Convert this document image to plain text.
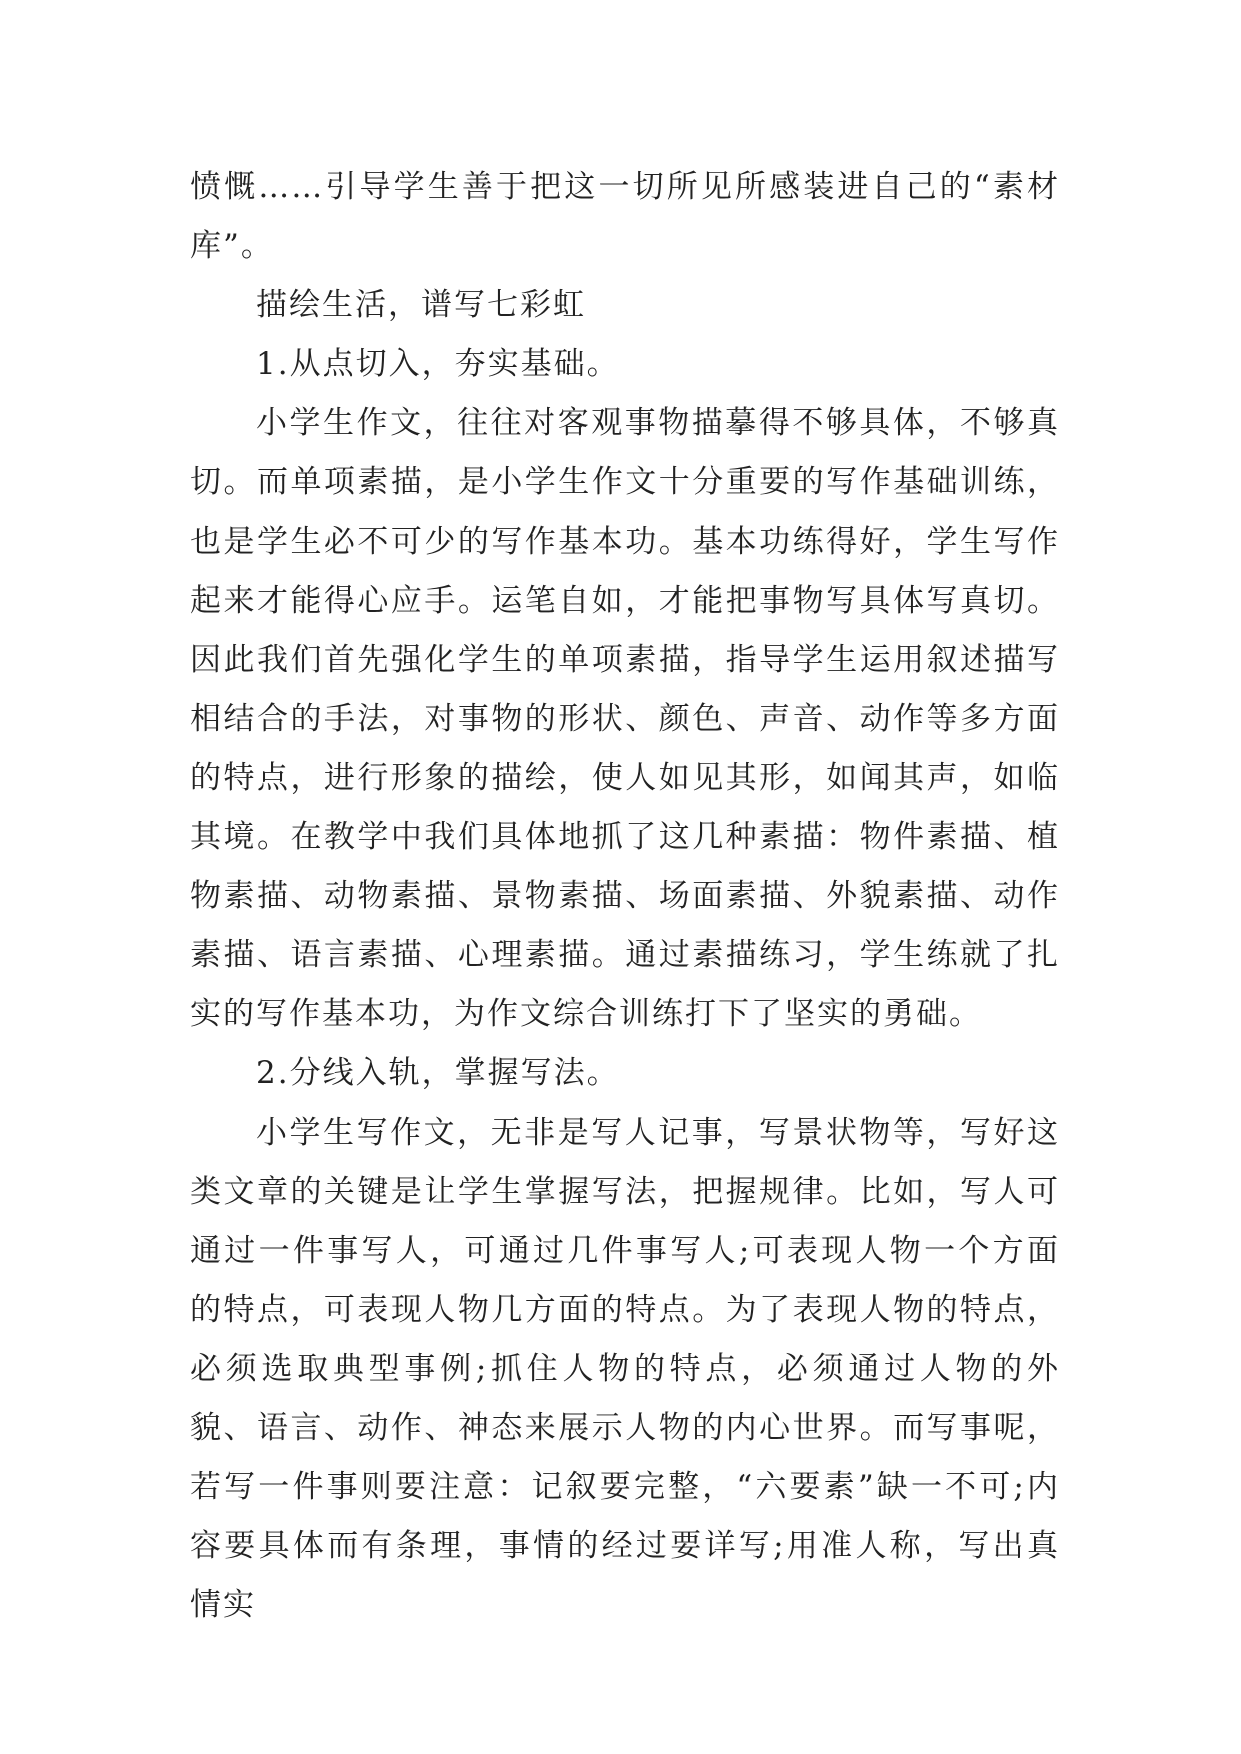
愤慨……引导学生善于把这一切所见所感装进自己的“素材库”。

描绘生活，谱写七彩虹

1.从点切入，夯实基础。

小学生作文，往往对客观事物描摹得不够具体，不够真切。而单项素描，是小学生作文十分重要的写作基础训练，也是学生必不可少的写作基本功。基本功练得好，学生写作起来才能得心应手。运笔自如，才能把事物写具体写真切。因此我们首先强化学生的单项素描，指导学生运用叙述描写相结合的手法，对事物的形状、颜色、声音、动作等多方面的特点，进行形象的描绘，使人如见其形，如闻其声，如临其境。在教学中我们具体地抓了这几种素描：物件素描、植物素描、动物素描、景物素描、场面素描、外貌素描、动作素描、语言素描、心理素描。通过素描练习，学生练就了扎实的写作基本功，为作文综合训练打下了坚实的勇础。

2.分线入轨，掌握写法。

小学生写作文，无非是写人记事，写景状物等，写好这类文章的关键是让学生掌握写法，把握规律。比如，写人可通过一件事写人，可通过几件事写人;可表现人物一个方面的特点，可表现人物几方面的特点。为了表现人物的特点，必须选取典型事例;抓住人物的特点，必须通过人物的外貌、语言、动作、神态来展示人物的内心世界。而写事呢，若写一件事则要注意：记叙要完整，“六要素”缺一不可;内容要具体而有条理，事情的经过要详写;用准人称，写出真情实
